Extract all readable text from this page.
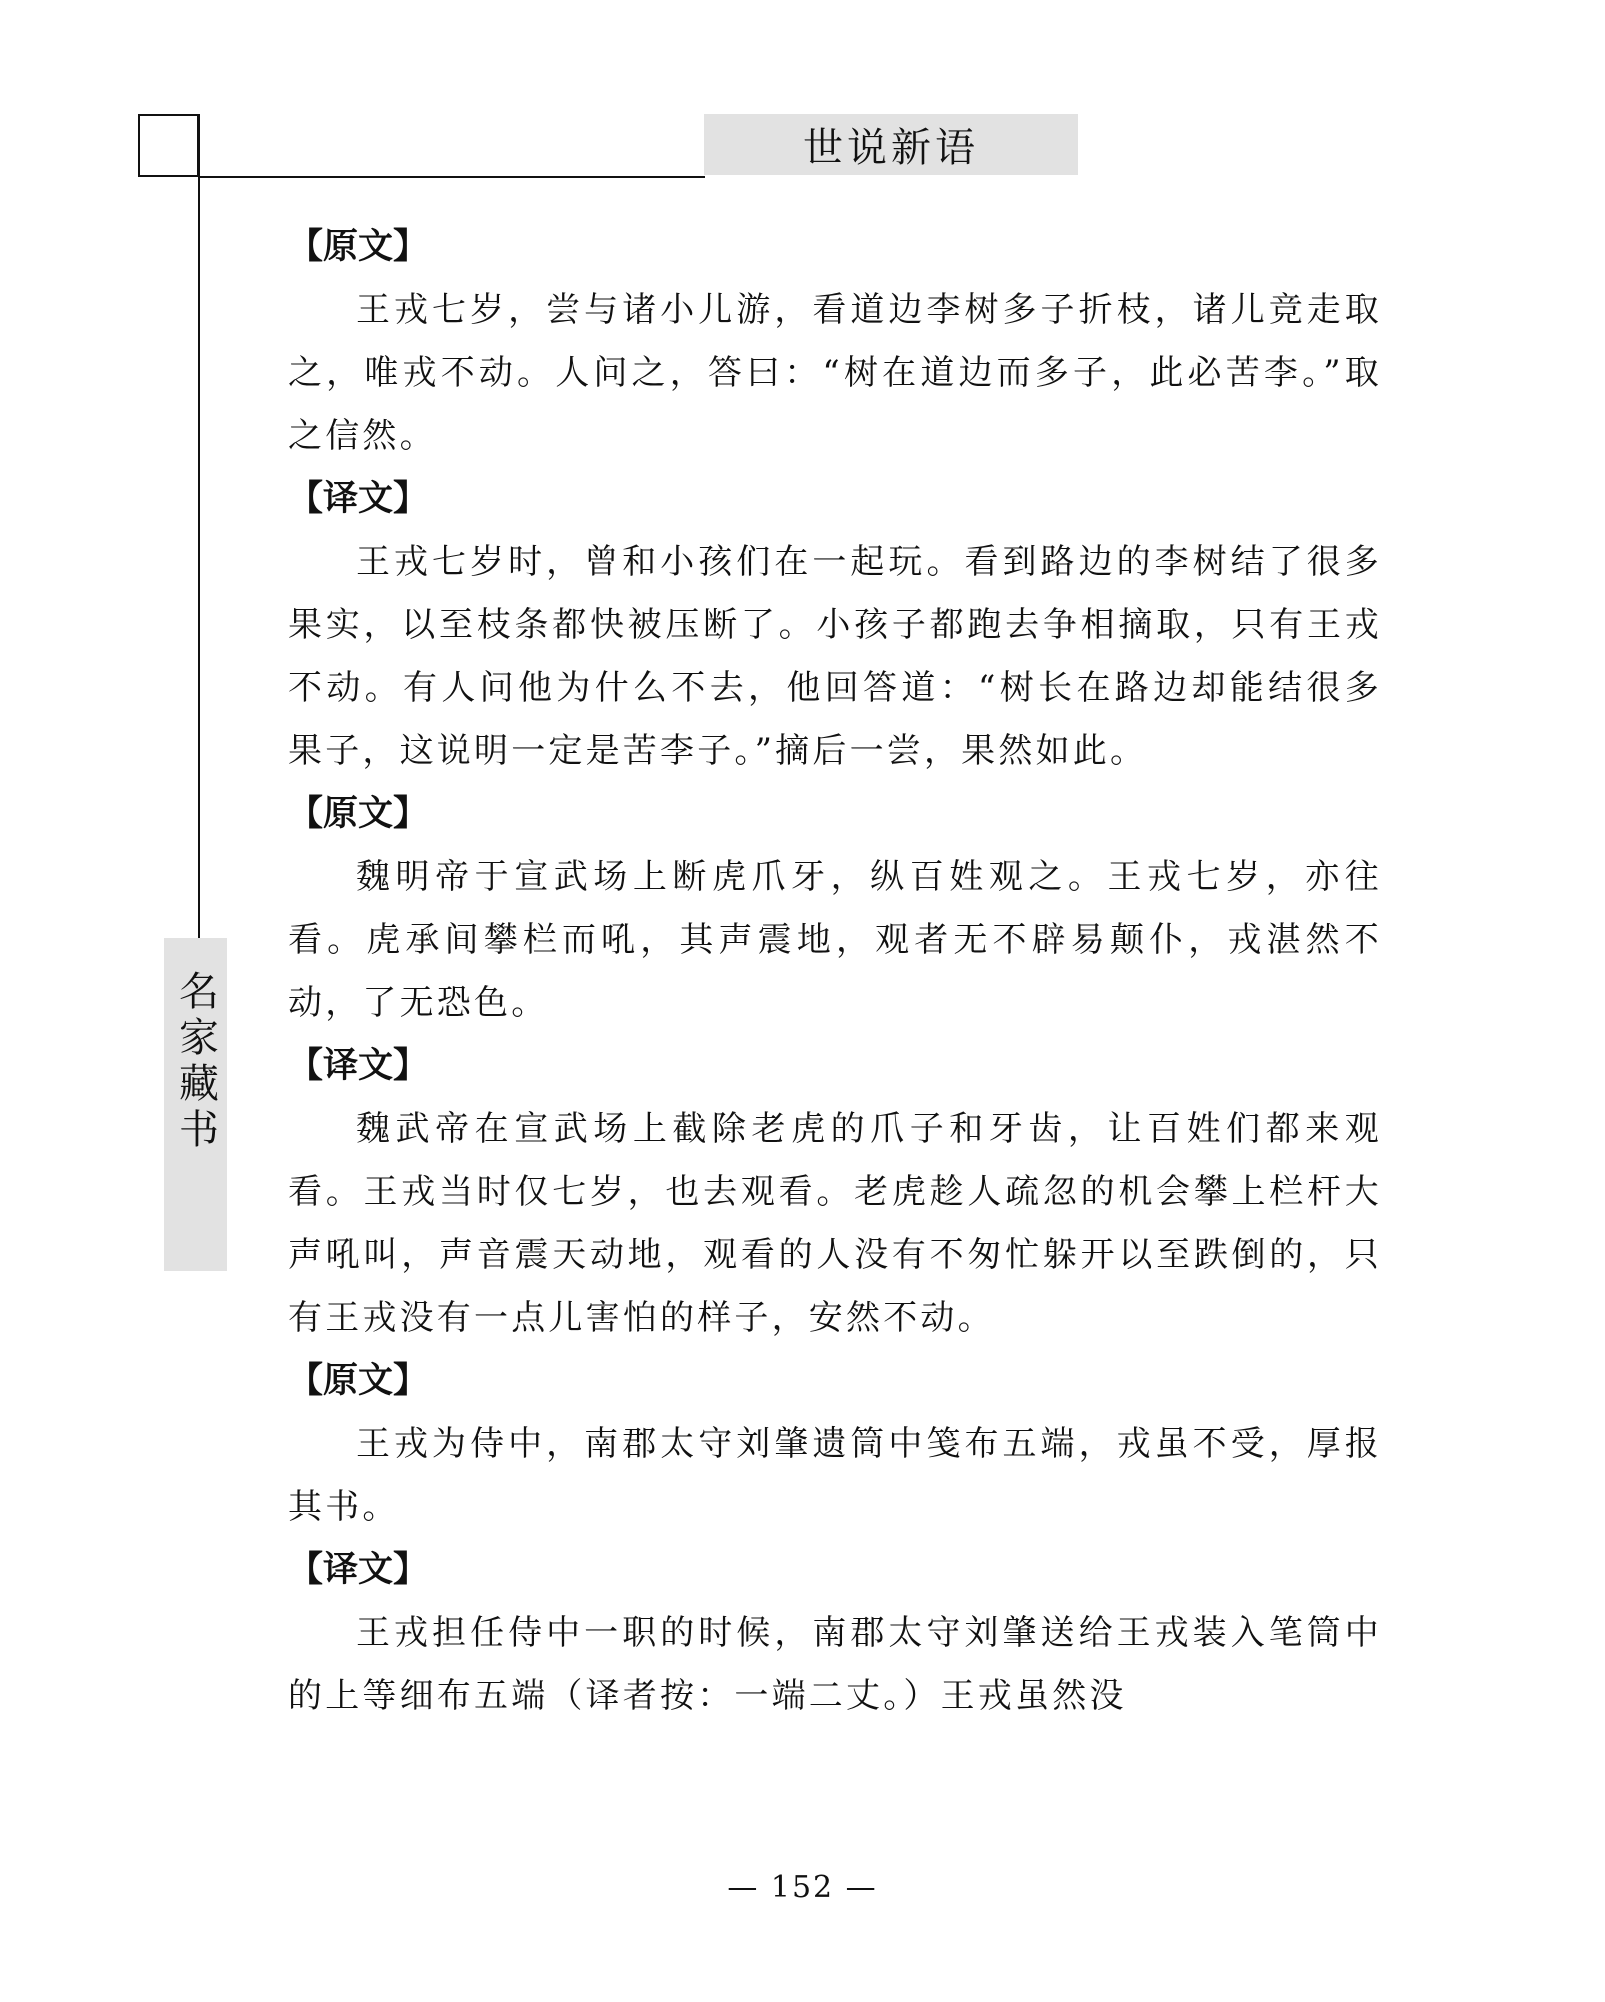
世说新语
名家藏书
【原文】
王戎七岁，尝与诸小儿游，看道边李树多子折枝，诸儿竞走取之，唯戎不动。人问之，答曰：“树在道边而多子，此必苦李。”取之信然。
【译文】
王戎七岁时，曾和小孩们在一起玩。看到路边的李树结了很多果实，以至枝条都快被压断了。小孩子都跑去争相摘取，只有王戎不动。有人问他为什么不去，他回答道：“树长在路边却能结很多果子，这说明一定是苦李子。”摘后一尝，果然如此。
【原文】
魏明帝于宣武场上断虎爪牙，纵百姓观之。王戎七岁，亦往看。虎承间攀栏而吼，其声震地，观者无不辟易颠仆，戎湛然不动，了无恐色。
【译文】
魏武帝在宣武场上截除老虎的爪子和牙齿，让百姓们都来观看。王戎当时仅七岁，也去观看。老虎趁人疏忽的机会攀上栏杆大声吼叫，声音震天动地，观看的人没有不匆忙躲开以至跌倒的，只有王戎没有一点儿害怕的样子，安然不动。
【原文】
王戎为侍中，南郡太守刘肇遗筒中笺布五端，戎虽不受，厚报其书。
【译文】
王戎担任侍中一职的时候，南郡太守刘肇送给王戎装入笔筒中的上等细布五端（译者按：一端二丈。）王戎虽然没
— 152 —
